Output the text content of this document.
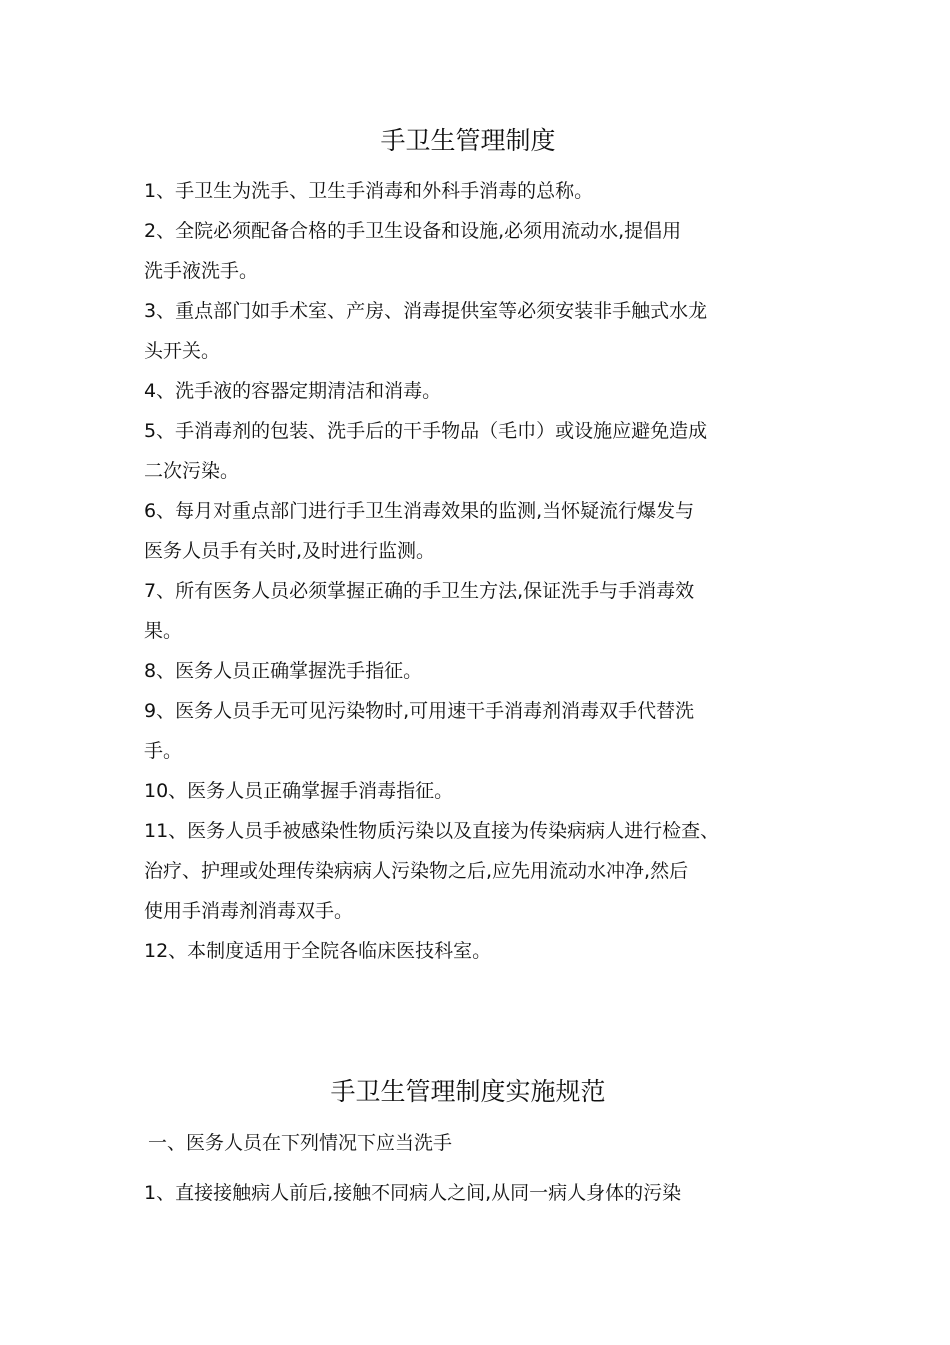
手卫生管理制度
1、手卫生为洗手、卫生手消毒和外科手消毒的总称。
2、全院必须配备合格的手卫生设备和设施,必须用流动水,提倡用
洗手液洗手。
3、重点部门如手术室、产房、消毒提供室等必须安装非手触式水龙
头开关。
4、洗手液的容器定期清洁和消毒。
5、手消毒剂的包装、洗手后的干手物品（毛巾）或设施应避免造成
二次污染。
6、每月对重点部门进行手卫生消毒效果的监测,当怀疑流行爆发与
医务人员手有关时,及时进行监测。
7、所有医务人员必须掌握正确的手卫生方法,保证洗手与手消毒效
果。
8、医务人员正确掌握洗手指征。
9、医务人员手无可见污染物时,可用速干手消毒剂消毒双手代替洗
手。
10、医务人员正确掌握手消毒指征。
11、医务人员手被感染性物质污染以及直接为传染病病人进行检查、
治疗、护理或处理传染病病人污染物之后,应先用流动水冲净,然后
使用手消毒剂消毒双手。
12、本制度适用于全院各临床医技科室。
手卫生管理制度实施规范
一、医务人员在下列情况下应当洗手
1、直接接触病人前后,接触不同病人之间,从同一病人身体的污染
